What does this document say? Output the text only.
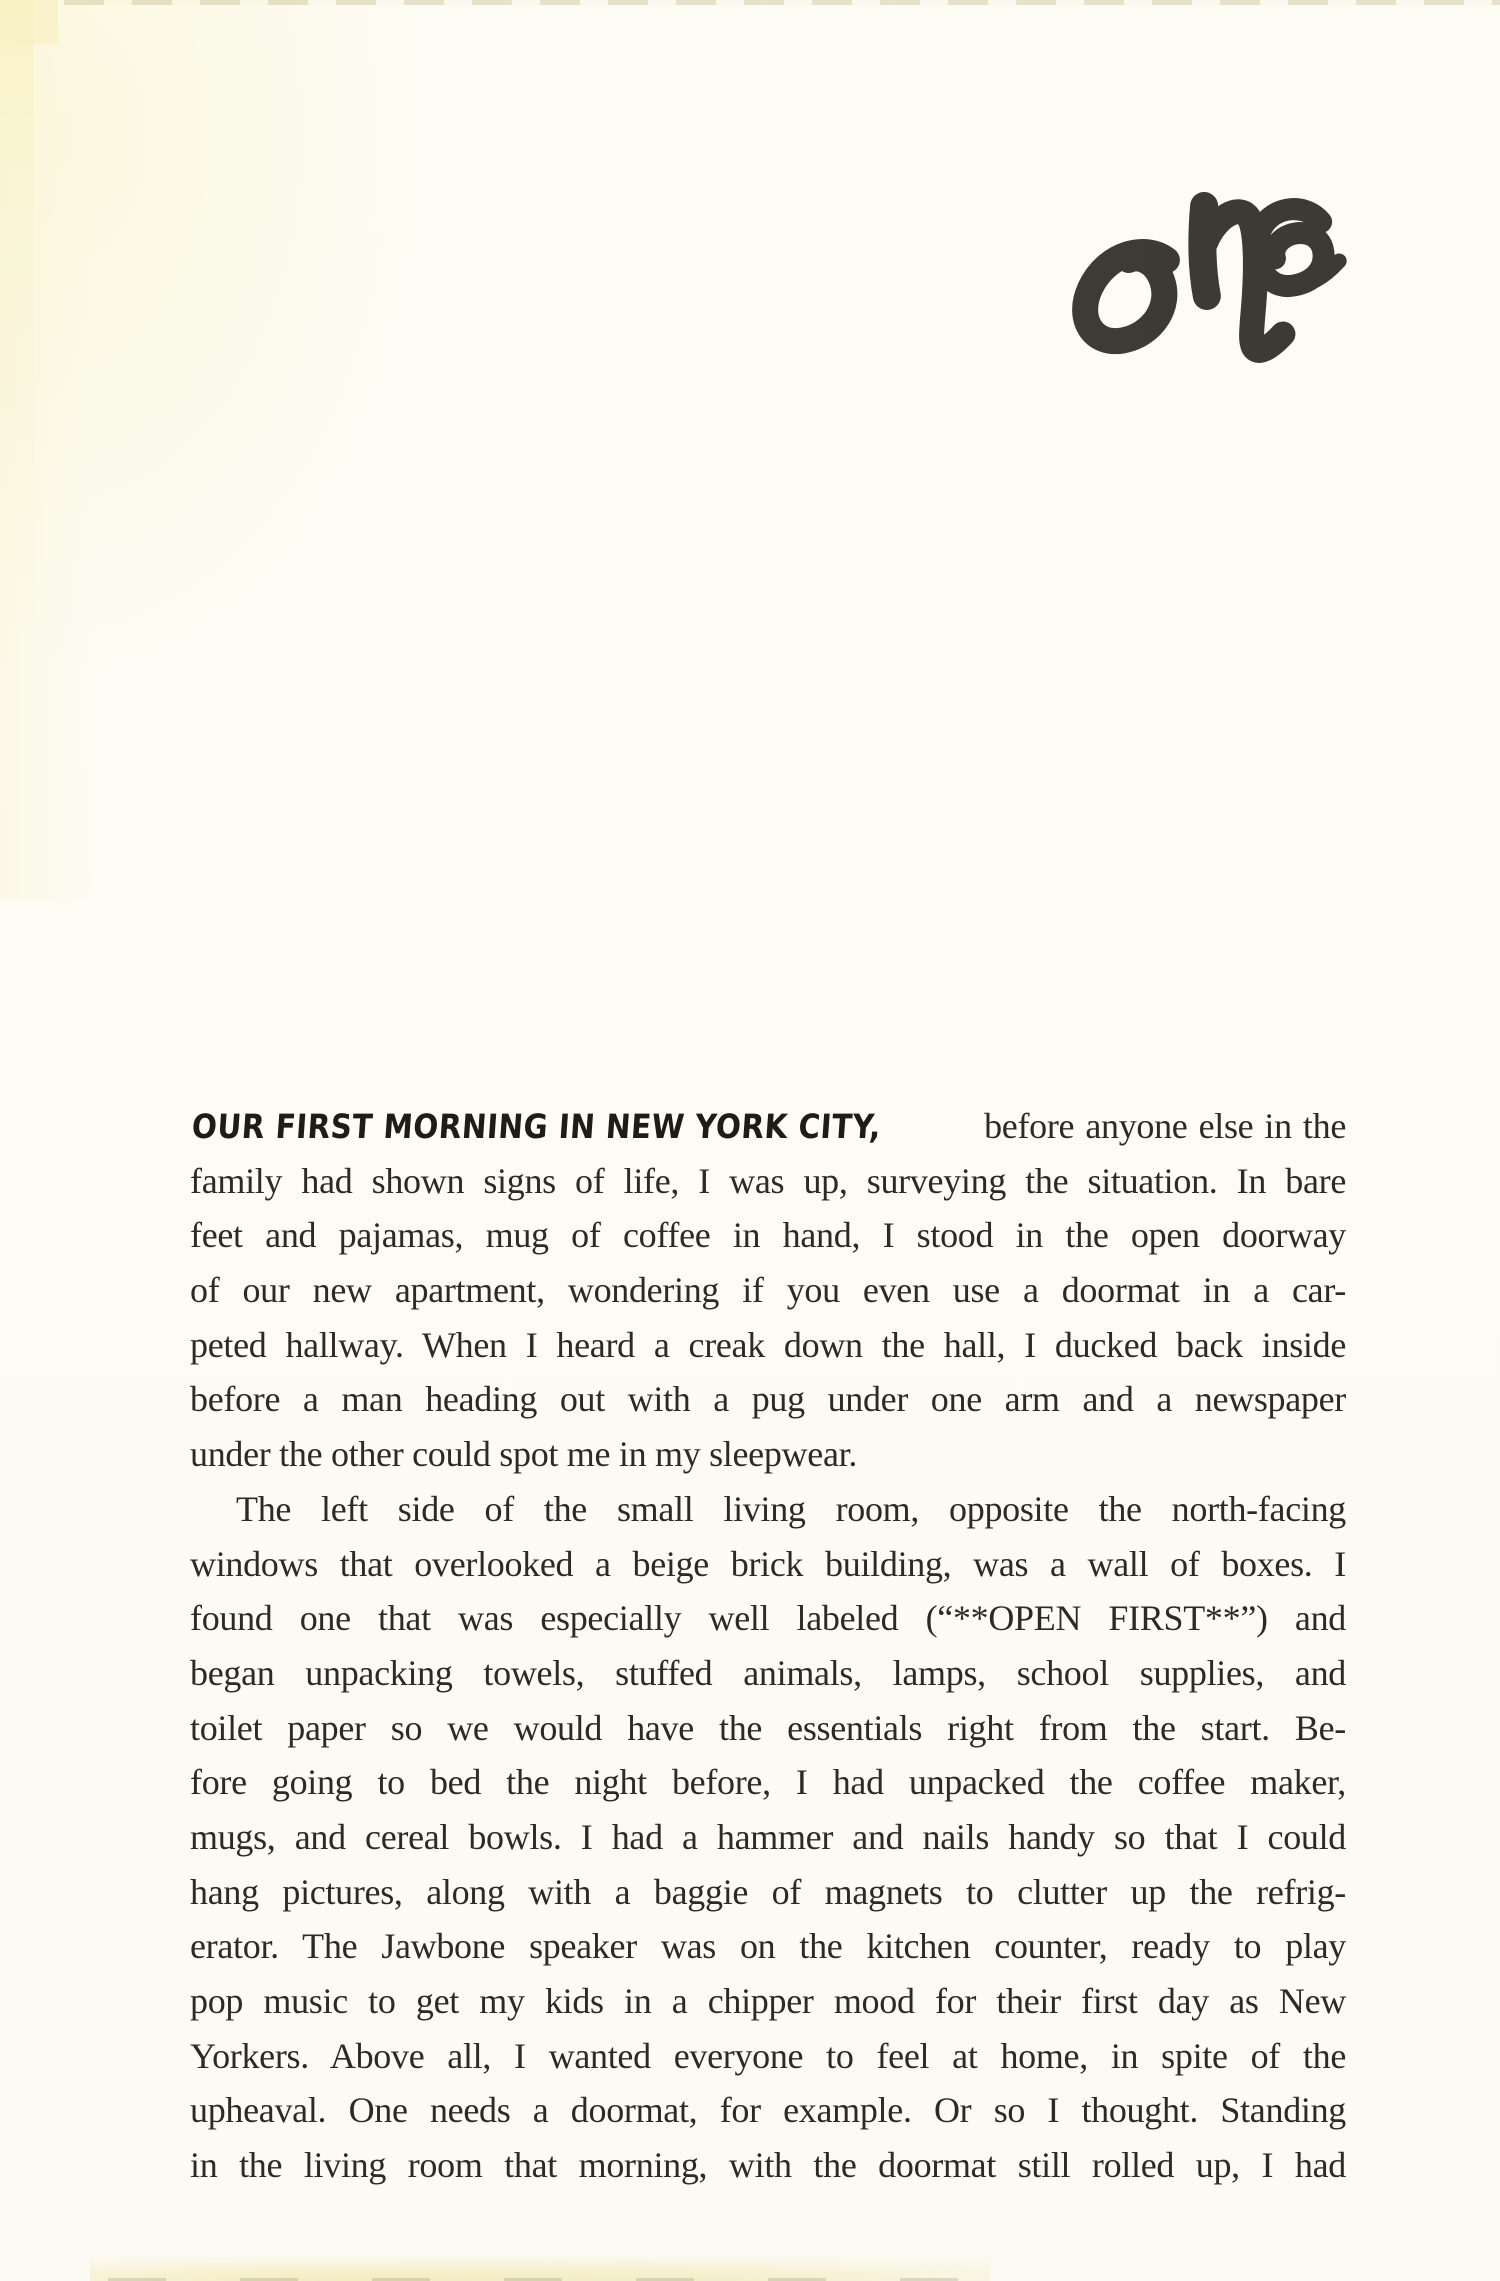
OUR FIRST MORNING IN NEW YORK CITY,	before anyone else in the
family had shown signs of life, I was up, surveying the situation. In bare
feet and pajamas, mug of coffee in hand, I stood in the open doorway
of our new apartment, wondering if you even use a doormat in a car-
peted hallway. When I heard a creak down the hall, I ducked back inside
before a man heading out with a pug under one arm and a newspaper
under the other could spot me in my sleepwear.
The left side of the small living room, opposite the north-facing
windows that overlooked a beige brick building, was a wall of boxes. I
found one that was especially well labeled (“**OPEN FIRST**”) and
began unpacking towels, stuffed animals, lamps, school supplies, and
toilet paper so we would have the essentials right from the start. Be-
fore going to bed the night before, I had unpacked the coffee maker,
mugs, and cereal bowls. I had a hammer and nails handy so that I could
hang pictures, along with a baggie of magnets to clutter up the refrig-
erator. The Jawbone speaker was on the kitchen counter, ready to play
pop music to get my kids in a chipper mood for their first day as New
Yorkers. Above all, I wanted everyone to feel at home, in spite of the
upheaval. One needs a doormat, for example. Or so I thought. Standing
in the living room that morning, with the doormat still rolled up, I had
